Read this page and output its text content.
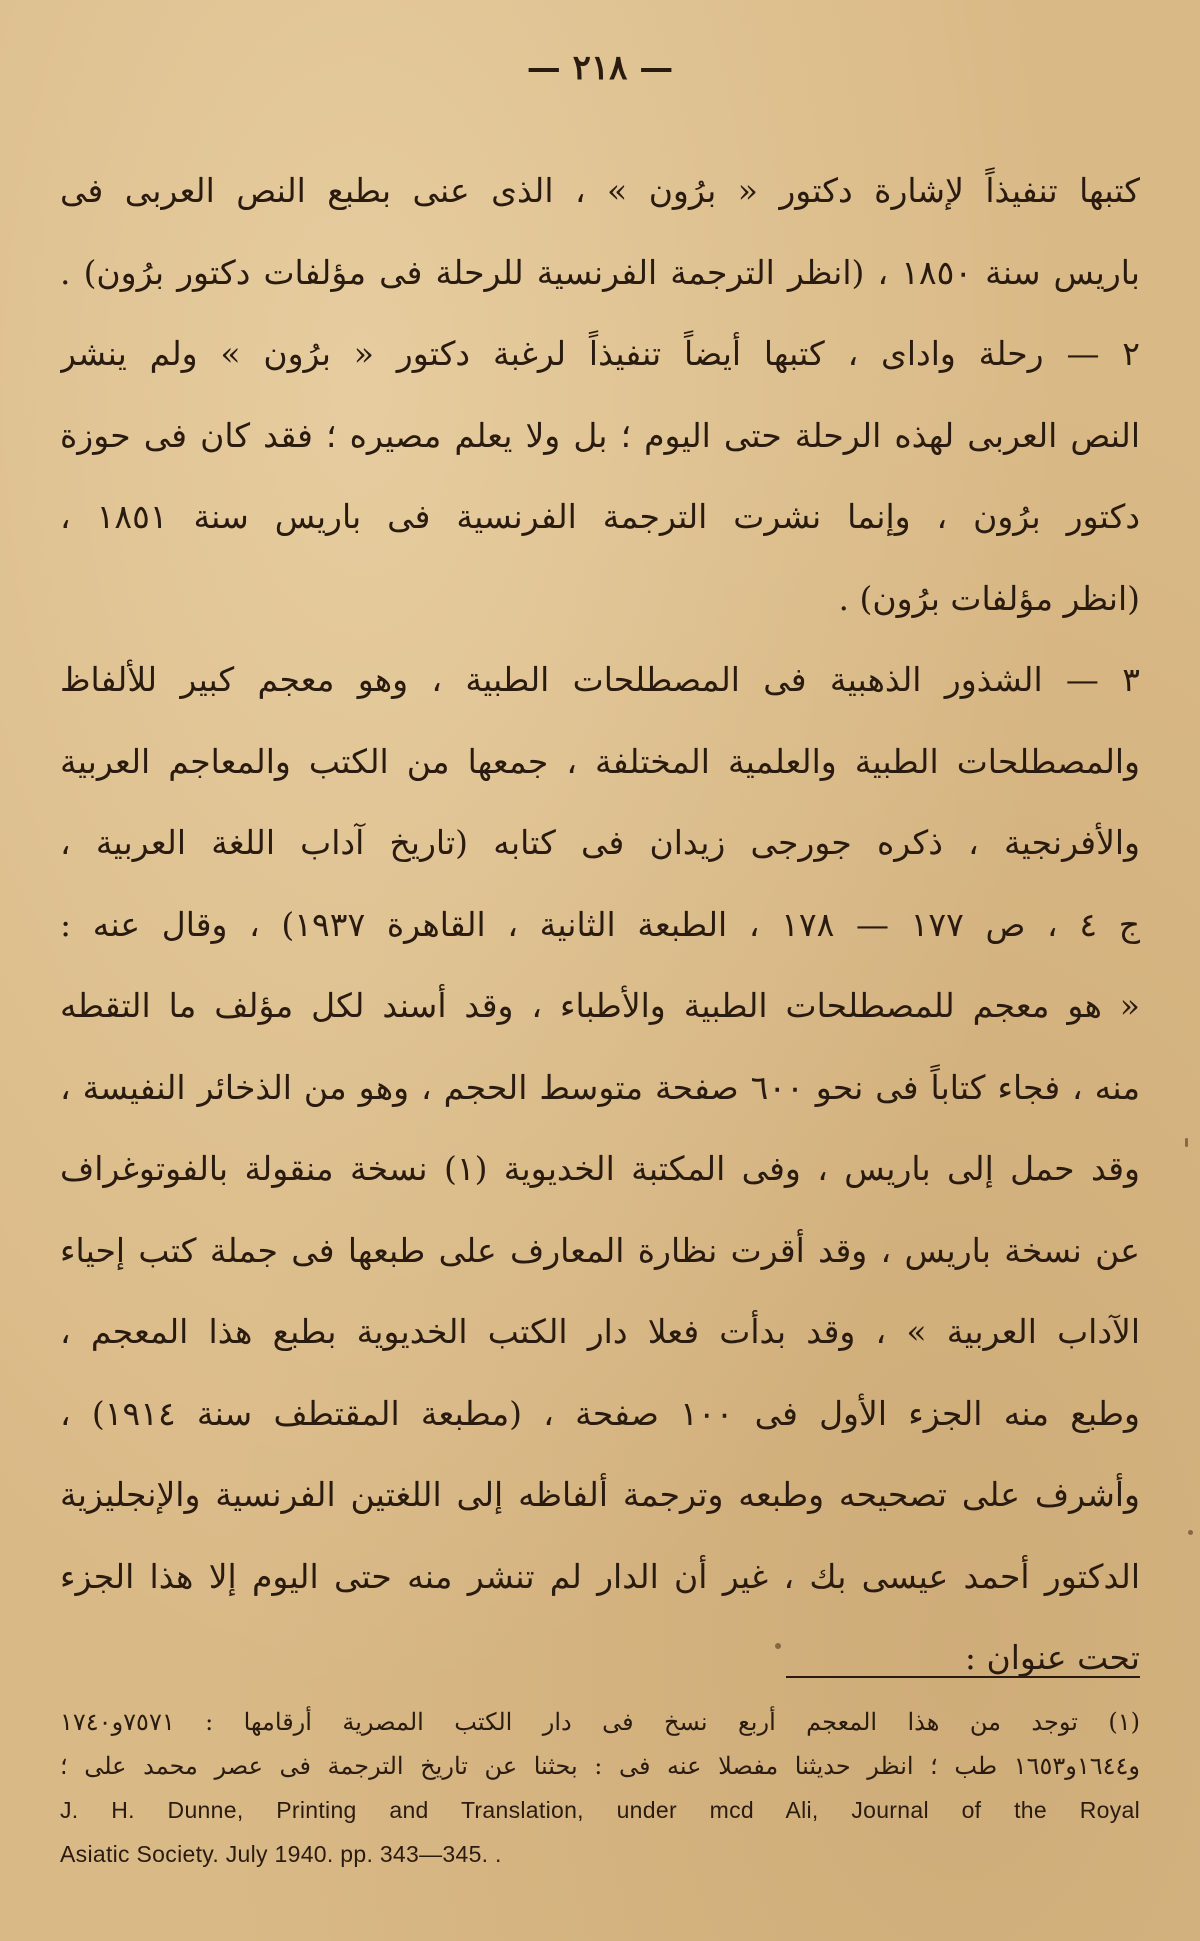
— ٢١٨ —
كتبها تنفيذاً لإشارة دكتور « برُون » ، الذى عنى بطبع النص العربى فى
باريس سنة ١٨٥٠ ، (انظر الترجمة الفرنسية للرحلة فى مؤلفات دكتور برُون) .
٢ — رحلة وادای ، كتبها أيضاً تنفيذاً لرغبة دكتور « برُون » ولم ينشر
النص العربى لهذه الرحلة حتى اليوم ؛ بل ولا يعلم مصيره ؛ فقد كان فى حوزة
دكتور برُون ، وإنما نشرت الترجمة الفرنسية فى باريس سنة ١٨٥١ ،
(انظر مؤلفات برُون) .
٣ — الشذور الذهبية فى المصطلحات الطبية ، وهو معجم كبير للألفاظ
والمصطلحات الطبية والعلمية المختلفة ، جمعها من الكتب والمعاجم العربية
والأفرنجية ، ذكره جورجى زيدان فى كتابه (تاريخ آداب اللغة العربية ،
ج ٤ ، ص ١٧٧ — ١٧٨ ، الطبعة الثانية ، القاهرة ١٩٣٧) ، وقال عنه :
« هو معجم للمصطلحات الطبية والأطباء ، وقد أسند لكل مؤلف ما التقطه
منه ، فجاء كتاباً فى نحو ٦٠٠ صفحة متوسط الحجم ، وهو من الذخائر النفيسة ،
وقد حمل إلى باريس ، وفى المكتبة الخديوية (١) نسخة منقولة بالفوتوغراف
عن نسخة باريس ، وقد أقرت نظارة المعارف على طبعها فى جملة كتب إحياء
الآداب العربية » ، وقد بدأت فعلا دار الكتب الخديوية بطبع هذا المعجم ،
وطبع منه الجزء الأول فى ١٠٠ صفحة ، (مطبعة المقتطف سنة ١٩١٤) ،
وأشرف على تصحيحه وطبعه وترجمة ألفاظه إلى اللغتين الفرنسية والإنجليزية
الدكتور أحمد عيسى بك ، غير أن الدار لم تنشر منه حتى اليوم إلا هذا الجزء
تحت عنوان :
(١) توجد من هذا المعجم أربع نسخ فى دار الكتب المصرية أرقامها : ٧٥٧١و١٧٤٠
و١٦٤٤و١٦٥٣ طب ؛ انظر حديثنا مفصلا عنه فى : بحثنا عن تاريخ الترجمة فى عصر محمد على ؛
J. H. Dunne, Printing and Translation, under mcd Ali, Journal of the Royal
Asiatic Society. July 1940. pp. 343—345. .
